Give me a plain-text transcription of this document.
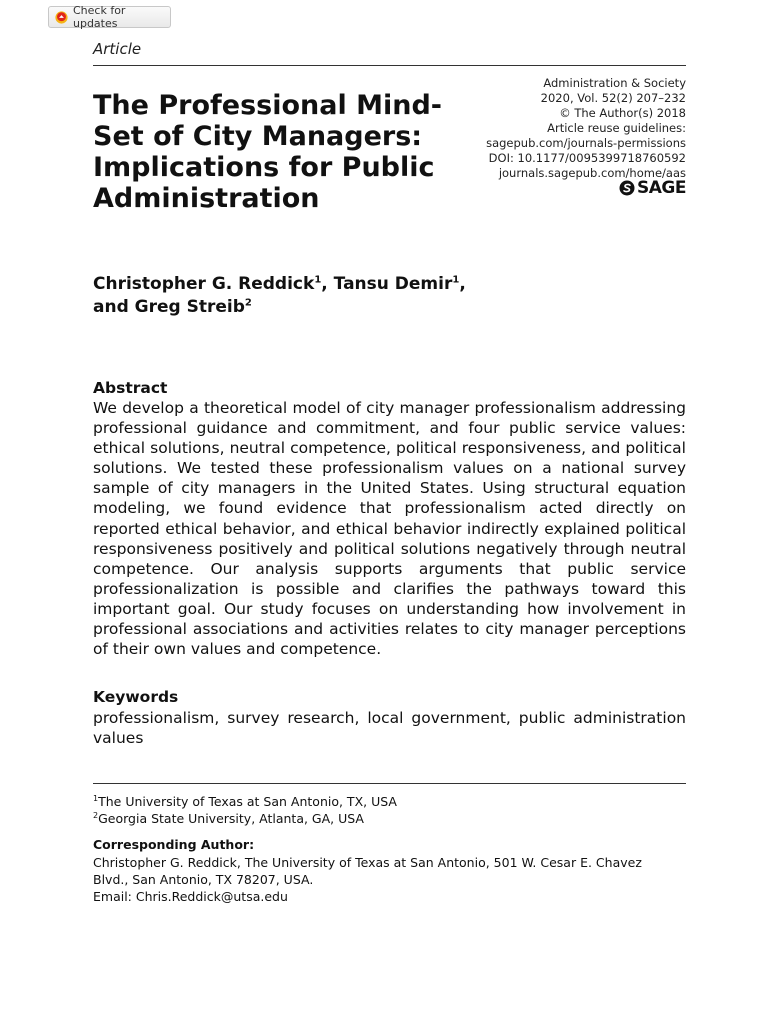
Check for updates
Article
The Professional Mind-
Set of City Managers:
Implications for Public
Administration
Administration & Society
2020, Vol. 52(2) 207–232
© The Author(s) 2018
Article reuse guidelines:
sagepub.com/journals-permissions
DOI: 10.1177/0095399718760592
journals.sagepub.com/home/aas
SAGE
Christopher G. Reddick$^1$, Tansu Demir$^1$,
and Greg Streib$^2$
Abstract

We develop a theoretical model of city manager professionalism addressing professional guidance and commitment, and four public service values: ethical solutions, neutral competence, political responsiveness, and political solutions. We tested these professionalism values on a national survey sample of city managers in the United States. Using structural equation modeling, we found evidence that professionalism acted directly on reported ethical behavior, and ethical behavior indirectly explained political responsiveness positively and political solutions negatively through neutral competence. Our analysis supports arguments that public service professionalization is possible and clarifies the pathways toward this important goal. Our study focuses on understanding how involvement in professional associations and activities relates to city manager perceptions of their own values and competence.

Keywords

professionalism, survey research, local government, public administration values

$^1$The University of Texas at San Antonio, TX, USA
$^2$Georgia State University, Atlanta, GA, USA
Corresponding Author:
Christopher G. Reddick, The University of Texas at San Antonio, 501 W. Cesar E. Chavez
Blvd., San Antonio, TX 78207, USA.
Email: Chris.Reddick@utsa.edu
